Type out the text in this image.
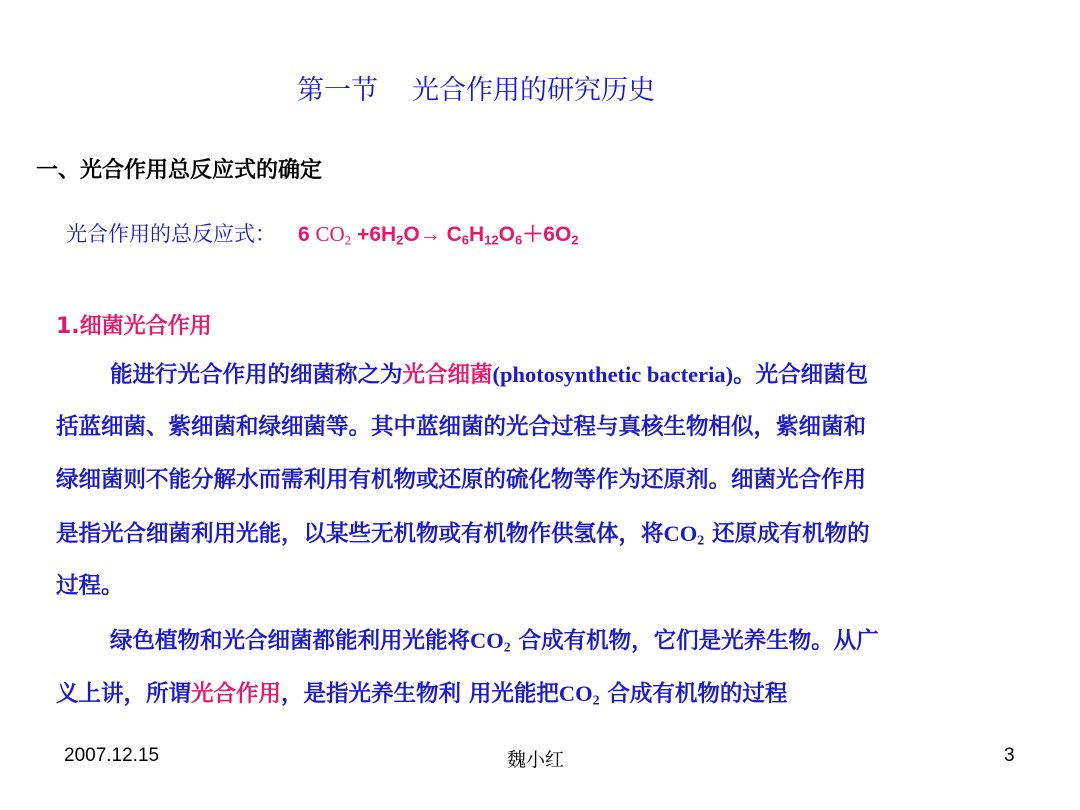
第一节 光合作用的研究历史
一、光合作用总反应式的确定
光合作用的总反应式： 6 $CO_2 +6H_2O\to C_6H_{12}O_6+6O_2$
1.细菌光合作用
能进行光合作用的细菌称之为光合细菌(photosynthetic bacteria)。光合细菌包
括蓝细菌、紫细菌和绿细菌等。其中蓝细菌的光合过程与真核生物相似，紫细菌和
绿细菌则不能分解水而需利用有机物或还原的硫化物等作为还原剂。细菌光合作用
是指光合细菌利用光能，以某些无机物或有机物作供氢体，将$CO_2$ 还原成有机物的
过程。
绿色植物和光合细菌都能利用光能将$CO_2$ 合成有机物，它们是光养生物。从广
义上讲，所谓光合作用，是指光养生物利 用光能把$CO_2$ 合成有机物的过程
2007.12.15	魏小红	3
